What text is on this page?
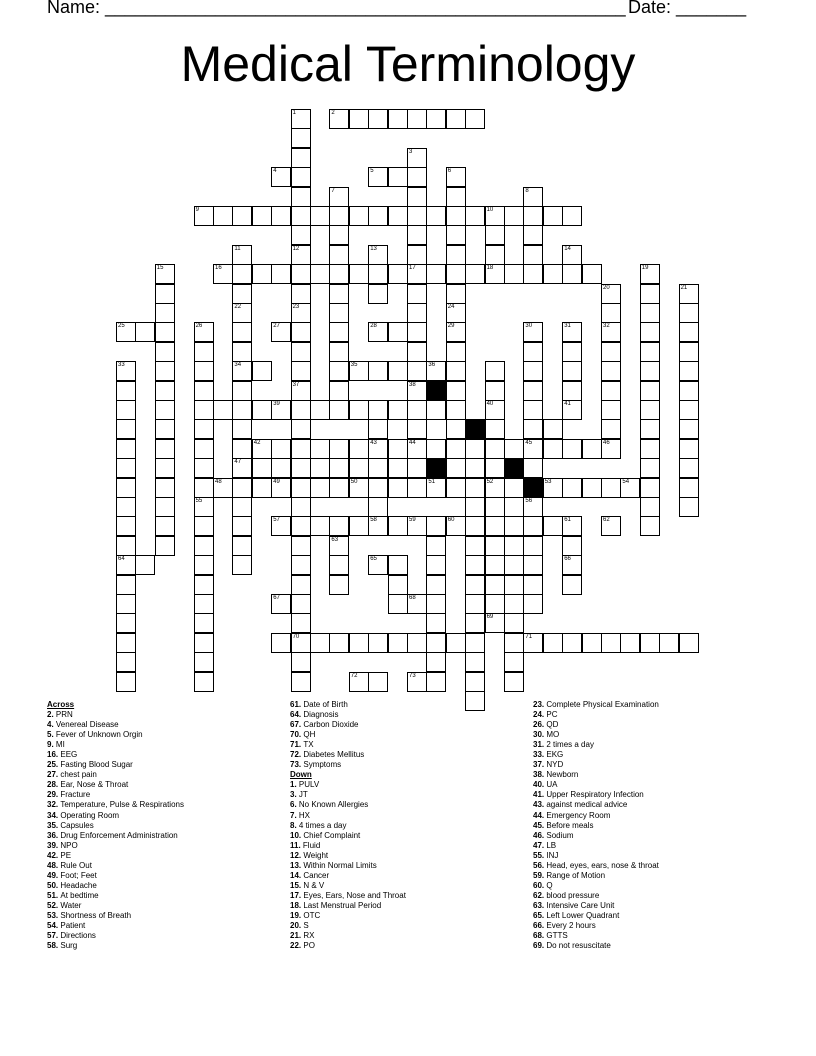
Name: ____________________________________________________ Date: _______
Medical Terminology
2
4	5
9	10
16	17	18
25	27	28
34	35
39
42	43	44	45	46
47
48	49	50	51	52	53	54
57	58	59	60
64
70	71
72	73
1
12
23
3
38
6
24
7	8
11
22
13	14
15	19
20
32
21
29
26
55
30
56
31
33
37
40
63
61
66
36
41
62
65
67	68
69
Across
2. PRN
4. Venereal Disease
5. Fever of Unknown Orgin
9. MI
16. EEG
25. Fasting Blood Sugar
27. chest pain
28. Ear, Nose & Throat
29. Fracture
32. Temperature, Pulse & Respirations
34. Operating Room
35. Capsules
36. Drug Enforcement Administration
39. NPO
42. PE
48. Rule Out
49. Foot; Feet
50. Headache
51. At bedtime
52. Water
53. Shortness of Breath
54. Patient
57. Directions
58. Surg
61. Date of Birth
64. Diagnosis
67. Carbon Dioxide
70. QH
71. TX
72. Diabetes Mellitus
73. Symptoms
Down
1. PULV
3. JT
6. No Known Allergies
7. HX
8. 4 times a day
10. Chief Complaint
11. Fluid
12. Weight
13. Within Normal Limits
14. Cancer
15. N & V
17. Eyes, Ears, Nose and Throat
18. Last Menstrual Period
19. OTC
20. S
21. RX
22. PO
23. Complete Physical Examination
24. PC
26. QD
30. MO
31. 2 times a day
33. EKG
37. NYD
38. Newborn
40. UA
41. Upper Respiratory Infection
43. against medical advice
44. Emergency Room
45. Before meals
46. Sodium
47. LB
55. INJ
56. Head, eyes, ears, nose & throat
59. Range of Motion
60. Q
62. blood pressure
63. Intensive Care Unit
65. Left Lower Quadrant
66. Every 2 hours
68. GTTS
69. Do not resuscitate
